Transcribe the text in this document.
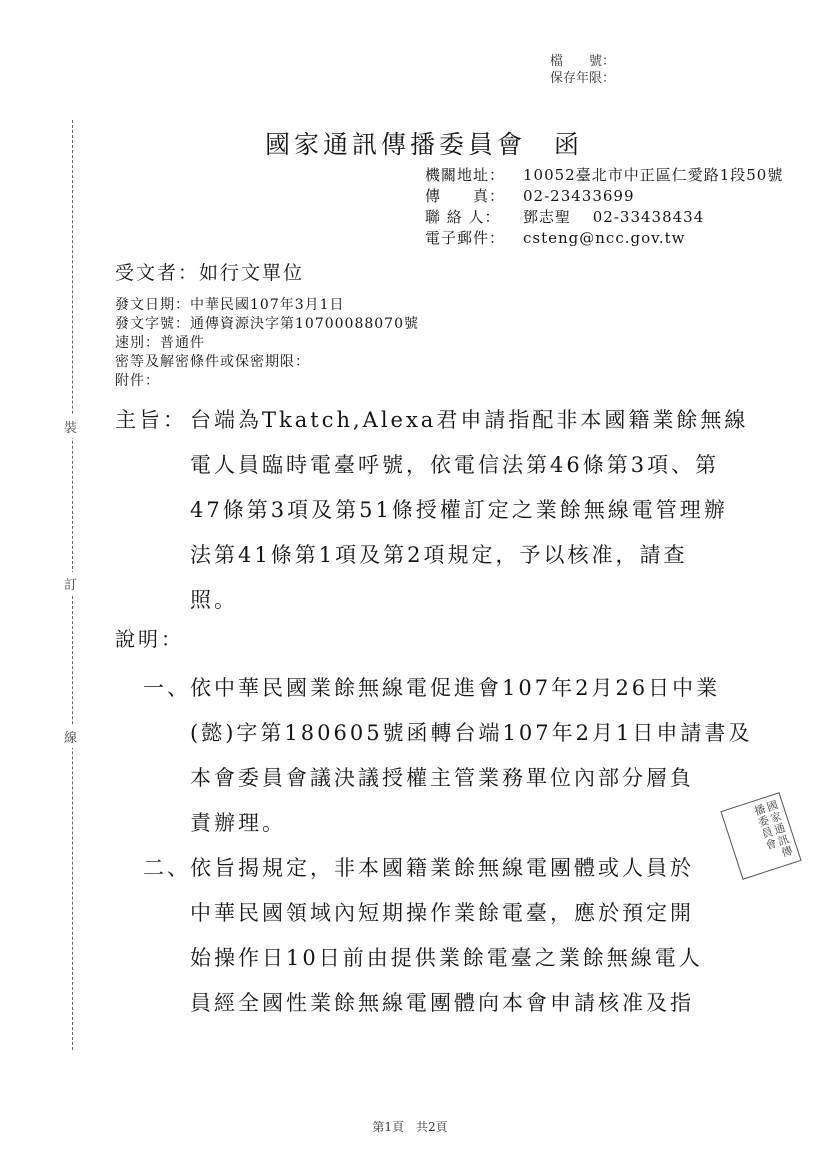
檔　　號：
保存年限：
裝
訂
線
國家通訊傳播委員會 函
機關地址： 10052臺北市中正區仁愛路1段50號
傳　　真： 02-23433699
聯 絡 人： 鄧志聖　 02-33438434
電子郵件： csteng@ncc.gov.tw
受文者：如行文單位
發文日期：中華民國107年3月1日
發文字號：通傳資源決字第10700088070號
速別：普通件
密等及解密條件或保密期限：
附件：
主旨： 台端為Tkatch,Alexa君申請指配非本國籍業餘無線
電人員臨時電臺呼號，依電信法第46條第3項、第
47條第3項及第51條授權訂定之業餘無線電管理辦
法第41條第1項及第2項規定，予以核准，請查
照。
說明：
一、 依中華民國業餘無線電促進會107年2月26日中業
(懿)字第180605號函轉台端107年2月1日申請書及
本會委員會議決議授權主管業務單位內部分層負
責辦理。
二、 依旨揭規定，非本國籍業餘無線電團體或人員於
中華民國領域內短期操作業餘電臺，應於預定開
始操作日10日前由提供業餘電臺之業餘無線電人
員經全國性業餘無線電團體向本會申請核准及指
國家通訊傳播委員會
第1頁　共2頁
